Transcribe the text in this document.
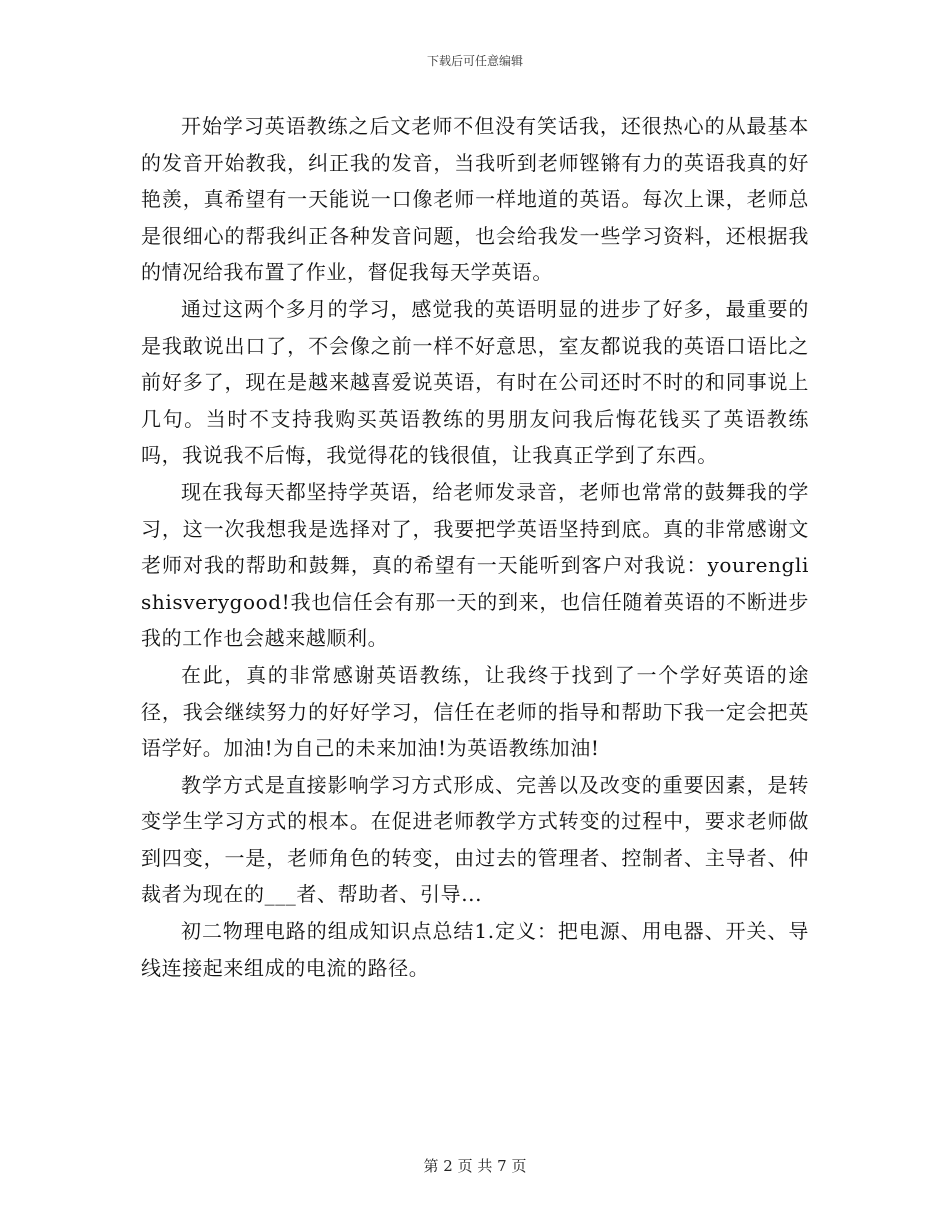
下载后可任意编辑

开始学习英语教练之后文老师不但没有笑话我，还很热心的从最基本的发音开始教我，纠正我的发音，当我听到老师铿锵有力的英语我真的好艳羡，真希望有一天能说一口像老师一样地道的英语。每次上课，老师总是很细心的帮我纠正各种发音问题，也会给我发一些学习资料，还根据我的情况给我布置了作业，督促我每天学英语。

通过这两个多月的学习，感觉我的英语明显的进步了好多，最重要的是我敢说出口了，不会像之前一样不好意思，室友都说我的英语口语比之前好多了，现在是越来越喜爱说英语，有时在公司还时不时的和同事说上几句。当时不支持我购买英语教练的男朋友问我后悔花钱买了英语教练吗，我说我不后悔，我觉得花的钱很值，让我真正学到了东西。

现在我每天都坚持学英语，给老师发录音，老师也常常的鼓舞我的学习，这一次我想我是选择对了，我要把学英语坚持到底。真的非常感谢文老师对我的帮助和鼓舞，真的希望有一天能听到客户对我说：yourenglishisverygood!我也信任会有那一天的到来，也信任随着英语的不断进步我的工作也会越来越顺利。

在此，真的非常感谢英语教练，让我终于找到了一个学好英语的途径，我会继续努力的好好学习，信任在老师的指导和帮助下我一定会把英语学好。加油!为自己的未来加油!为英语教练加油!

教学方式是直接影响学习方式形成、完善以及改变的重要因素，是转变学生学习方式的根本。在促进老师教学方式转变的过程中，要求老师做到四变，一是，老师角色的转变，由过去的管理者、控制者、主导者、仲裁者为现在的___者、帮助者、引导...

初二物理电路的组成知识点总结1.定义：把电源、用电器、开关、导线连接起来组成的电流的路径。

第 2 页 共 7 页
